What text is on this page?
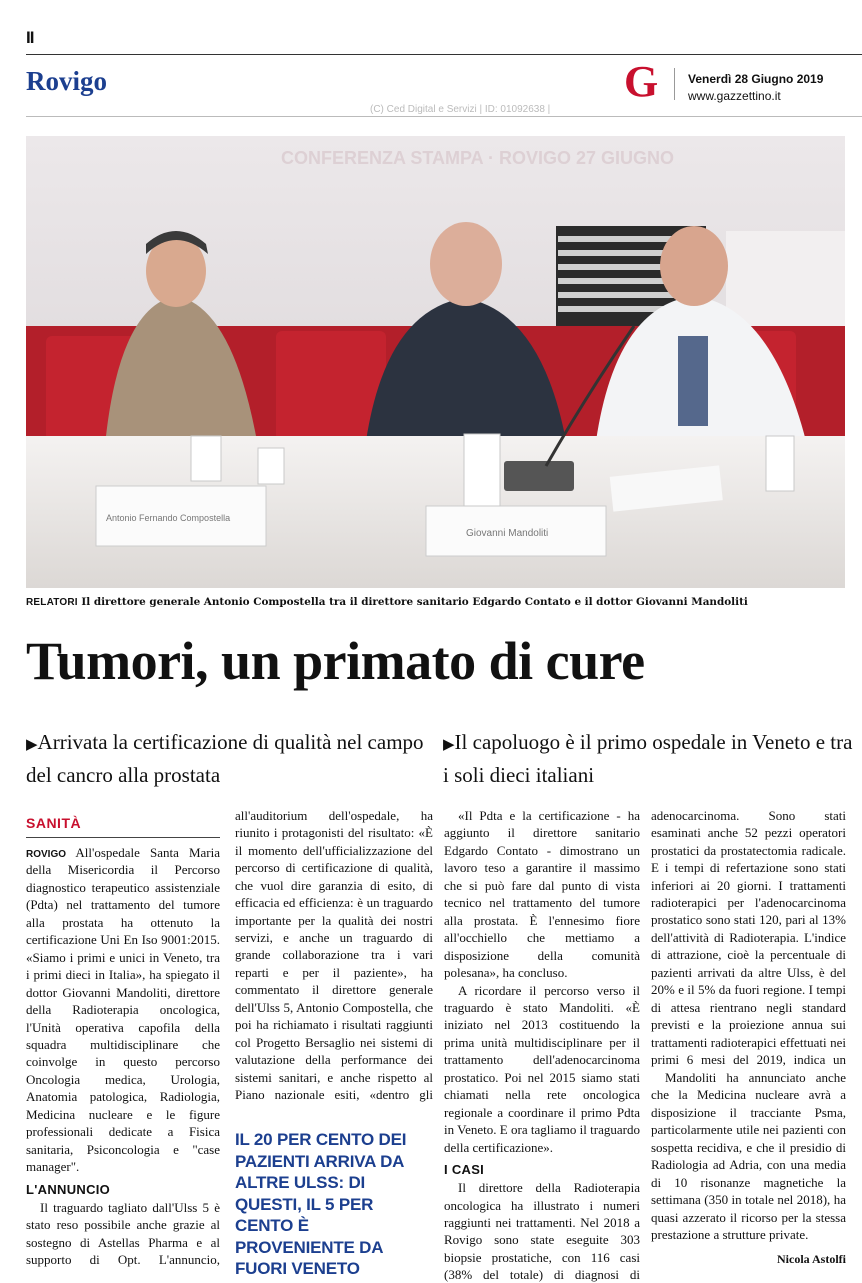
II
Rovigo	G Venerdì 28 Giugno 2019
www.gazzettino.it
(C) Ced Digital e Servizi | ID: 01092638 |
CONFERENZA STAMPA · ROVIGO 27 GIUGNO
Antonio Fernando Compostella
Giovanni Mandoliti
RELATORI Il direttore generale Antonio Compostella tra il direttore sanitario Edgardo Contato e il dottor Giovanni Mandoliti
Tumori, un primato di cure
▶Arrivata la certificazione di qualità nel campo del cancro alla prostata
▶Il capoluogo è il primo ospedale in Veneto e tra i soli dieci italiani
SANITÀ

ROVIGO All'ospedale Santa Maria della Misericordia il Percorso diagnostico terapeutico assistenziale (Pdta) nel trattamento del tumore alla prostata ha ottenuto la certificazione Uni En Iso 9001:2015. «Siamo i primi e unici in Veneto, tra i primi dieci in Italia», ha spiegato il dottor Giovanni Mandoliti, direttore della Radioterapia oncologica, l'Unità operativa capofila della squadra multidisciplinare che coinvolge in questo percorso Oncologia medica, Urologia, Anatomia patologica, Radiologia, Medicina nucleare e le figure professionali dedicate a Fisica sanitaria, Psiconcologia e "case manager".

L'ANNUNCIO

Il traguardo tagliato dall'Ulss 5 è stato reso possibile anche grazie al sostegno di Astellas Pharma e al supporto di Opt. L'annuncio,

all'auditorium dell'ospedale, ha riunito i protagonisti del risultato: «È il momento dell'ufficializzazione del percorso di certificazione di qualità, che vuol dire garanzia di esito, di efficacia ed efficienza: è un traguardo importante per la qualità dei nostri servizi, e anche un traguardo di grande collaborazione tra i vari reparti e per il paziente», ha commentato il direttore generale dell'Ulss 5, Antonio Compostella, che poi ha richiamato i risultati raggiunti col Progetto Bersaglio nei sistemi di valutazione della performance dei sistemi sanitari, e anche rispetto al Piano nazionale esiti, «dentro gli

IL 20 PER CENTO DEI PAZIENTI ARRIVA DA ALTRE ULSS: DI QUESTI, IL 5 PER CENTO È PROVENIENTE DA FUORI VENETO

«Il Pdta e la certificazione - ha aggiunto il direttore sanitario Edgardo Contato - dimostrano un lavoro teso a garantire il massimo che si può fare dal punto di vista tecnico nel trattamento del tumore alla prostata. È l'ennesimo fiore all'occhiello che mettiamo a disposizione della comunità polesana», ha concluso.

A ricordare il percorso verso il traguardo è stato Mandoliti. «È iniziato nel 2013 costituendo la prima unità multidisciplinare per il trattamento dell'adenocarcinoma prostatico. Poi nel 2015 siamo stati chiamati nella rete oncologica regionale a coordinare il primo Pdta in Veneto. E ora tagliamo il traguardo della certificazione».

I CASI

Il direttore della Radioterapia oncologica ha illustrato i numeri raggiunti nei trattamenti. Nel 2018 a Rovigo sono state eseguite 303 biopsie prostatiche, con 116 casi (38% del totale) di diagnosi di

adenocarcinoma. Sono stati esaminati anche 52 pezzi operatori prostatici da prostatectomia radicale. E i tempi di refertazione sono stati inferiori ai 20 giorni. I trattamenti radioterapici per l'adenocarcinoma prostatico sono stati 120, pari al 13% dell'attività di Radioterapia. L'indice di attrazione, cioè la percentuale di pazienti arrivati da altre Ulss, è del 20% e il 5% da fuori regione. I tempi di attesa rientrano negli standard previsti e la proiezione annua sui trattamenti radioterapici effettuati nei primi 6 mesi del 2019, indica un

Mandoliti ha annunciato anche che la Medicina nucleare avrà a disposizione il tracciante Psma, particolarmente utile nei pazienti con sospetta recidiva, e che il presidio di Radiologia ad Adria, con una media di 10 risonanze magnetiche la settimana (350 in totale nel 2018), ha quasi azzerato il ricorso per la stessa prestazione a strutture private.

Nicola Astolfi
